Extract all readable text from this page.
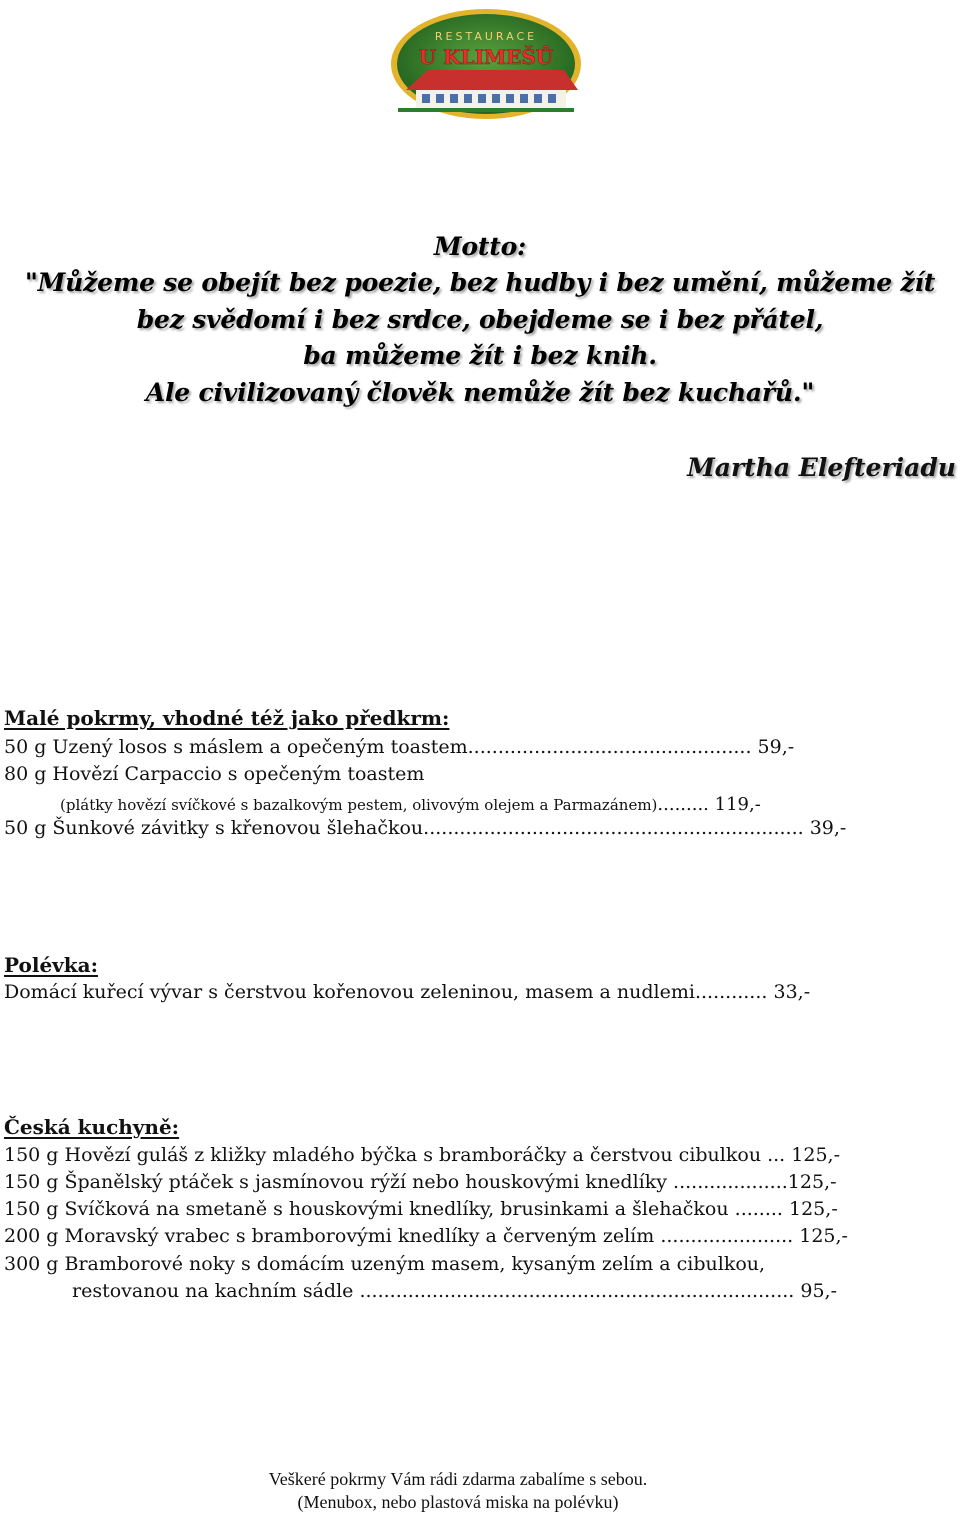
RESTAURACE
U KLIMEŠŮ
Motto:
"Můžeme se obejít bez poezie, bez hudby i bez umění, můžeme žít
bez svědomí i bez srdce, obejdeme se i bez přátel,
ba můžeme žít i bez knih.
Ale civilizovaný člověk nemůže žít bez kuchařů."
Martha Elefteriadu
Malé pokrmy, vhodné též jako předkrm:
50 g Uzený losos s máslem a opečeným toastem............................................... 59,-
80 g Hovězí Carpaccio s opečeným toastem
(plátky hovězí svíčkové s bazalkovým pestem, olivovým olejem a Parmazánem)......... 119,-
50 g Šunkové závitky s křenovou šlehačkou............................................................... 39,-
Polévka:
Domácí kuřecí vývar s čerstvou kořenovou zeleninou, masem a nudlemi............ 33,-
Česká kuchyně:
150 g Hovězí guláš z kližky mladého býčka s bramboráčky a čerstvou cibulkou ... 125,-
150 g Španělský ptáček s jasmínovou rýží nebo houskovými knedlíky ...................125,-
150 g Svíčková na smetaně s houskovými knedlíky, brusinkami a šlehačkou ........ 125,-
200 g Moravský vrabec s bramborovými knedlíky a červeným zelím ...................... 125,-
300 g Bramborové noky s domácím uzeným masem, kysaným zelím a cibulkou,
restovanou na kachním sádle ........................................................................ 95,-
Veškeré pokrmy Vám rádi zdarma zabalíme s sebou.
(Menubox, nebo plastová miska na polévku)
